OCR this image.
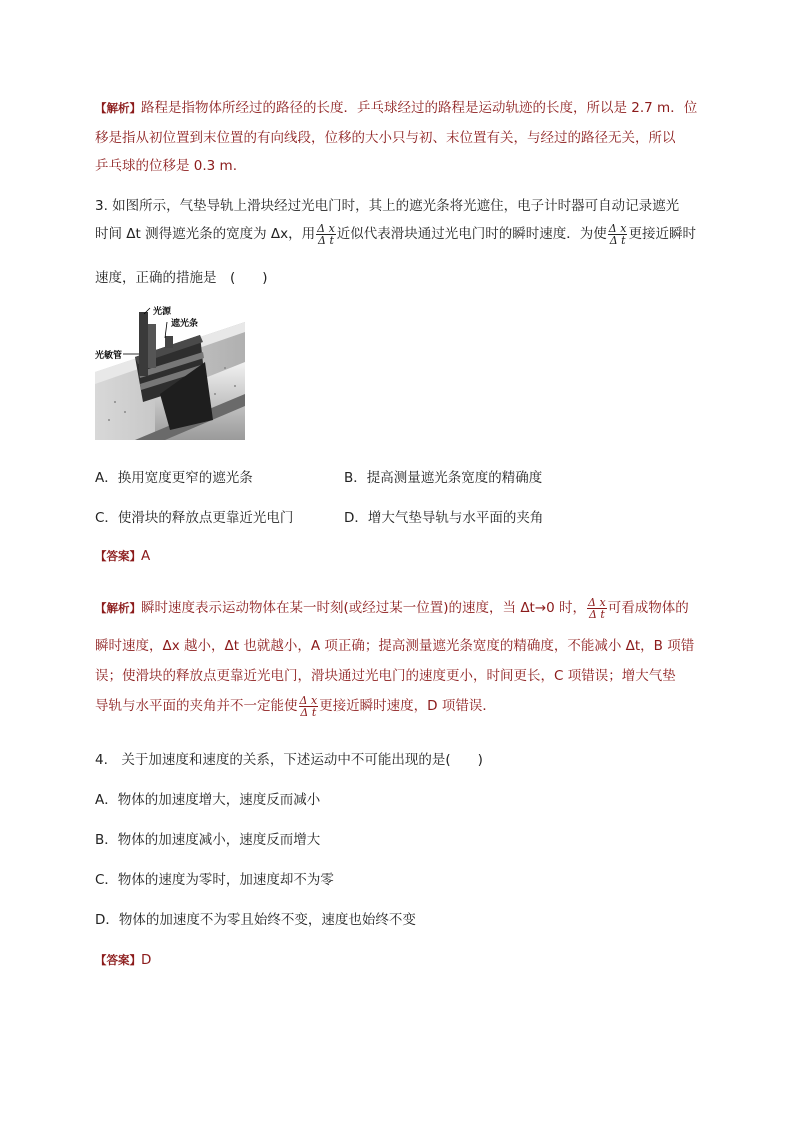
【解析】路程是指物体所经过的路径的长度．乒乓球经过的路程是运动轨迹的长度，所以是 2.7 m．位
移是指从初位置到末位置的有向线段，位移的大小只与初、末位置有关，与经过的路径无关，所以
乒乓球的位移是 0.3 m.
3. 如图所示，气垫导轨上滑块经过光电门时，其上的遮光条将光遮住，电子计时器可自动记录遮光
时间 Δt 测得遮光条的宽度为 Δx，用 $\frac{\text{Δ x}}{\text{Δ t}}$ 近似代表滑块通过光电门时的瞬时速度．为使 $\frac{\text{Δ x}}{\text{Δ t}}$ 更接近瞬时
速度，正确的措施是　(　　)
光源
遮光条
光敏管
A．换用宽度更窄的遮光条	B．提高测量遮光条宽度的精确度
C．使滑块的释放点更靠近光电门	D．增大气垫导轨与水平面的夹角
【答案】A
【解析】瞬时速度表示运动物体在某一时刻(或经过某一位置)的速度，当 Δt→0 时， $\frac{\text{Δ x}}{\text{Δ t}}$ 可看成物体的
瞬时速度，Δx 越小，Δt 也就越小，A 项正确；提高测量遮光条宽度的精确度，不能减小 Δt，B 项错
误；使滑块的释放点更靠近光电门，滑块通过光电门的速度更小，时间更长，C 项错误；增大气垫
导轨与水平面的夹角并不一定能使 $\frac{\text{Δ x}}{\text{Δ t}}$ 更接近瞬时速度，D 项错误．
4.　关于加速度和速度的关系，下述运动中不可能出现的是(　　)
A．物体的加速度增大，速度反而减小
B．物体的加速度减小，速度反而增大
C．物体的速度为零时，加速度却不为零
D．物体的加速度不为零且始终不变，速度也始终不变
【答案】D
